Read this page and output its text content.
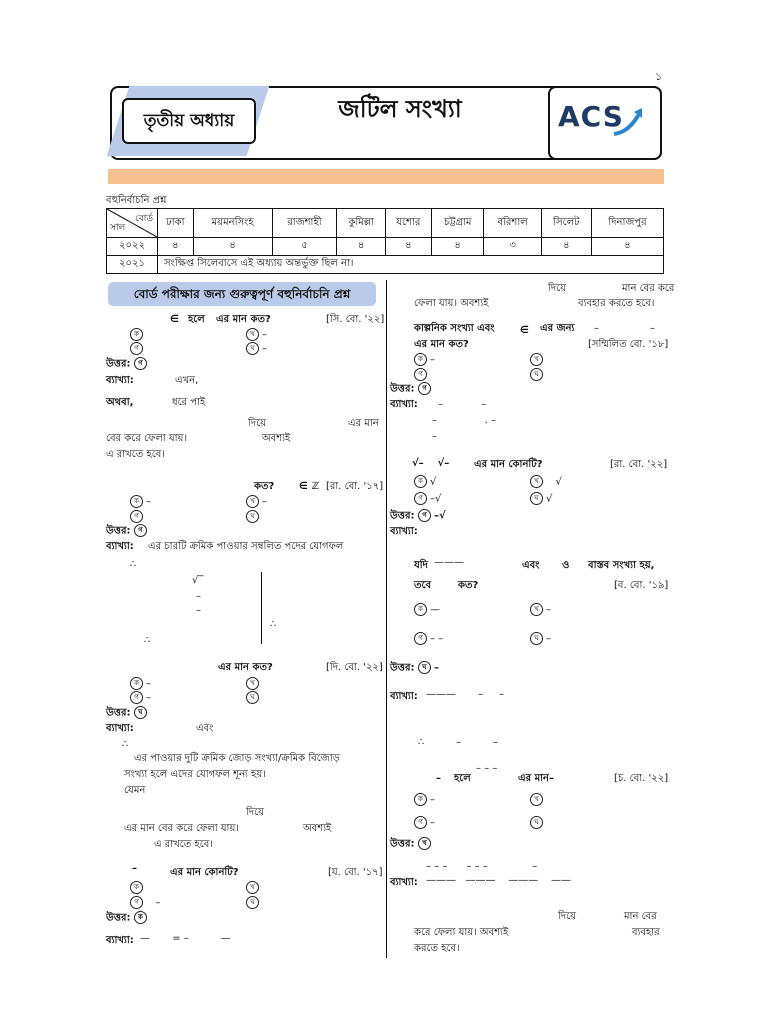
১
তৃতীয় অধ্যায়	জটিল সংখ্যা	ACS
বহুনির্বাচনি প্রশ্ন
বোর্ড
সাল	ঢাকা	ময়মনসিংহ	রাজশাহী	কুমিল্লা	যশোর	চট্টগ্রাম	বরিশাল	সিলেট	দিনাজপুর
২০২২	৪	৪	৫	৪	৪	৪	৩	৪	৪
২০২১	সংক্ষিপ্ত সিলেবাসে এই অধ্যায় অন্তর্ভুক্ত ছিল না।								
বোর্ড পরীক্ষার জন্য গুরুত্বপূর্ণ বহুনির্বাচনি প্রশ্ন
∈ হলে এর মান কত?	[সি. বো. '২২]
ক	খ –
গ	ঘ –
উত্তর: গ
ব্যাখ্যা:	এখন,
অথবা,	ধরে পাই
দিয়ে	এর মান
বের করে ফেলা যায়।	অবশ্যই
এ রাখতে হবে।
কত? ∈ ℤ [রা. বো. '১৭]
ক –	খ –
গ	ঘ
উত্তর: গ
ব্যাখ্যা: এর চারটি ক্রমিক পাওয়ার সম্বলিত পদের যোগফল
∴
√‾
–
–
∴
∴
এর মান কত?	[দি. বো. '২২]
ক –	খ
গ –	ঘ
উত্তর: ঘ
ব্যাখ্যা:	এবং
∴
এর পাওয়ার দুটি ক্রমিক জোড় সংখ্যা/ক্রমিক বিজোড়
সংখ্যা হলে এদের যোগফল শূন্য হয়।
যেমন
দিয়ে
এর মান বের করে ফেলা যায়।	অবশ্যই
এ রাখতে হবে।
–	এর মান কোনটি?	[য. বো. '১৭]
ক	খ
গ –	ঘ
উত্তর: ক
ব্যাখ্যা: —       = –          —
দিয়ে	মান বের করে
ফেলা যায়। অবশ্যই	ব্যবহার করতে হবে।
কাল্পনিক সংখ্যা এবং	∈ এর জন্য –	–
এর মান কত?	[সম্মিলিত বো. '১৮]
ক –	খ
গ	ঘ
উত্তর: গ
ব্যাখ্যা: –            –
–               . –
–
√–    √– এর মান কোনটি?	[রা. বো. '২২]
ক √	খ   √
গ –√	ঘ √
উত্তর: গ –√
ব্যাখ্যা:
যদি ———	এবং ও বাস্তব সংখ্যা হয়,
তবে	কত?	[ব. বো. '১৯]
ক —	খ –
গ – –	ঘ –
উত্তর: ঘ –
ব্যাখ্যা: ———       –     –
∴          –          –
– হলে
– – –
এর মান–	[চ. বো. '২২]
ক –	খ
গ –	ঘ
উত্তর: খ
ব্যাখ্যা:
– – –      – – –              –
———   ———    ———    ——
দিয়ে	মান বের
করে ফেলা যায়। অবশ্যই	ব্যবহার
করতে হবে।
